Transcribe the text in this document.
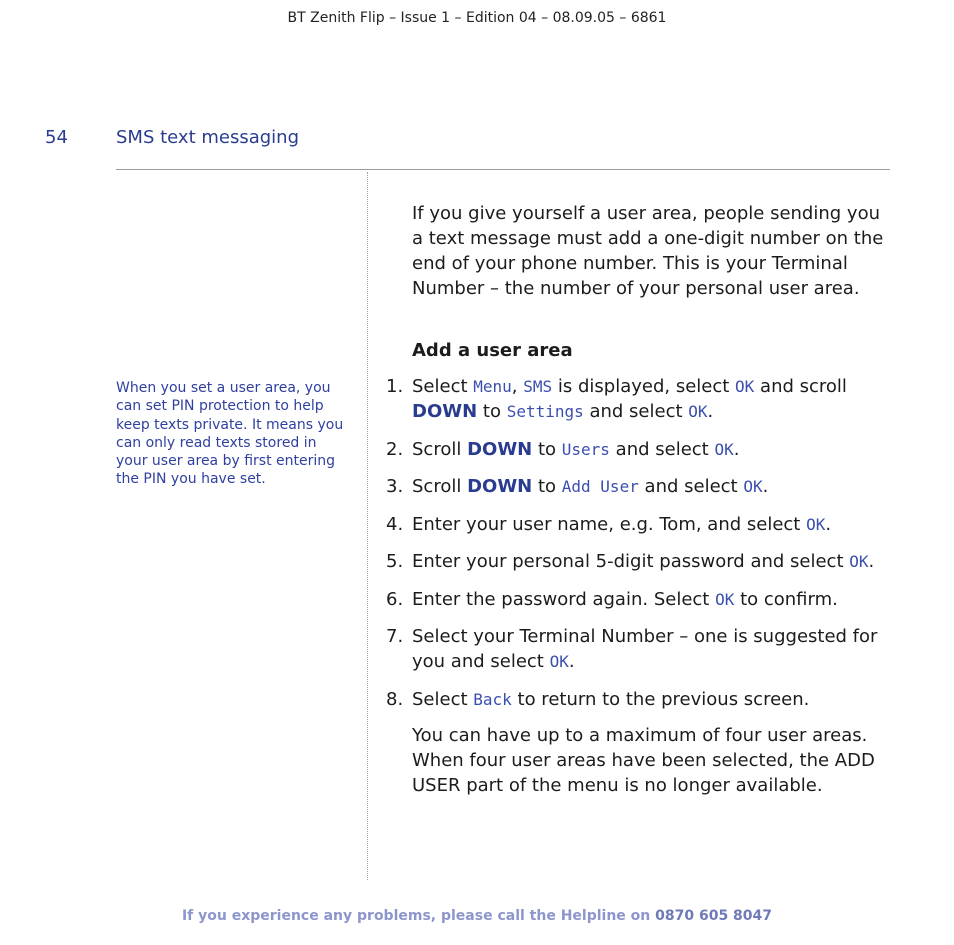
BT Zenith Flip – Issue 1 – Edition 04 – 08.09.05 – 6861
54	SMS text messaging
When you set a user area, you can set PIN protection to help keep texts private. It means you can only read texts stored in your user area by first entering the PIN you have set.
If you give yourself a user area, people sending you a text message must add a one-digit number on the end of your phone number. This is your Terminal Number – the number of your personal user area.
Add a user area
1. Select Menu, SMS is displayed, select OK and scroll DOWN to Settings and select OK.
2. Scroll DOWN to Users and select OK.
3. Scroll DOWN to Add User and select OK.
4. Enter your user name, e.g. Tom, and select OK.
5. Enter your personal 5-digit password and select OK.
6. Enter the password again. Select OK to confirm.
7. Select your Terminal Number – one is suggested for you and select OK.
8. Select Back to return to the previous screen.
You can have up to a maximum of four user areas. When four user areas have been selected, the ADD USER part of the menu is no longer available.
If you experience any problems, please call the Helpline on 0870 605 8047
